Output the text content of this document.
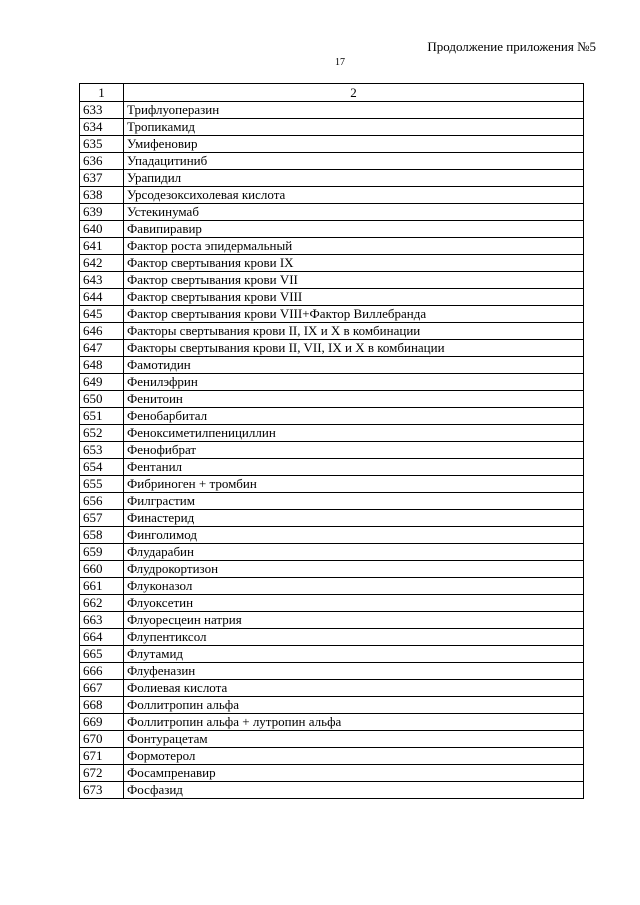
Продолжение приложения №5
17
1	2
633	Трифлуоперазин
634	Тропикамид
635	Умифеновир
636	Упадацитиниб
637	Урапидил
638	Урсодезоксихолевая кислота
639	Устекинумаб
640	Фавипиравир
641	Фактор роста эпидермальный
642	Фактор свертывания крови IX
643	Фактор свертывания крови VII
644	Фактор свертывания крови VIII
645	Фактор свертывания крови VIII+Фактор Виллебранда
646	Факторы свертывания крови II, IX и X в комбинации
647	Факторы свертывания крови II, VII, IX и X в комбинации
648	Фамотидин
649	Фенилэфрин
650	Фенитоин
651	Фенобарбитал
652	Феноксиметилпенициллин
653	Фенофибрат
654	Фентанил
655	Фибриноген + тромбин
656	Филграстим
657	Финастерид
658	Финголимод
659	Флударабин
660	Флудрокортизон
661	Флуконазол
662	Флуоксетин
663	Флуоресцеин натрия
664	Флупентиксол
665	Флутамид
666	Флуфеназин
667	Фолиевая кислота
668	Фоллитропин альфа
669	Фоллитропин альфа + лутропин альфа
670	Фонтурацетам
671	Формотерол
672	Фосампренавир
673	Фосфазид
